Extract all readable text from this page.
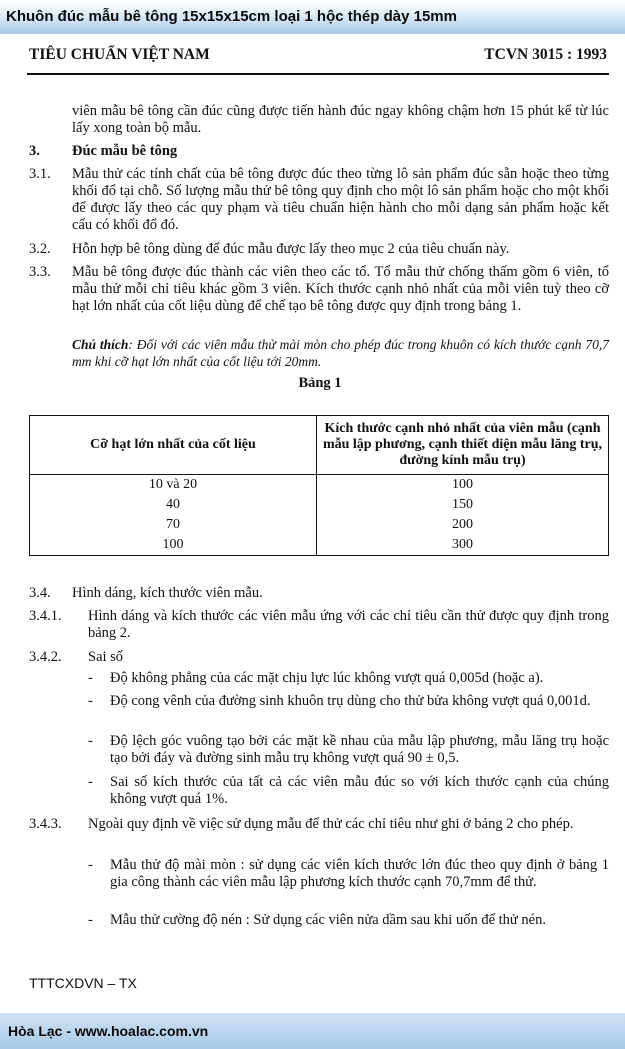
Khuôn đúc mẫu bê tông 15x15x15cm loại 1 hộc thép dày 15mm
TIÊU CHUẨN VIỆT NAM	TCVN 3015 : 1993

viên mẫu bê tông cần đúc cũng được tiến hành đúc ngay không chậm hơn 15 phút kể từ lúc lấy xong toàn bộ mẫu.

3. Đúc mẫu bê tông
3.1. Mẫu thử các tính chất của bê tông được đúc theo từng lô sản phẩm đúc sẵn hoặc theo từng khối đổ tại chỗ. Số lượng mẫu thử bê tông quy định cho một lô sản phẩm hoặc cho một khối để được lấy theo các quy phạm và tiêu chuẩn hiện hành cho mỗi dạng sản phẩm hoặc kết cấu có khối đổ đó.

3.2. Hỗn hợp bê tông dùng để đúc mẫu được lấy theo mục 2 của tiêu chuẩn này.

3.3. Mẫu bê tông được đúc thành các viên theo các tổ. Tổ mẫu thử chống thấm gồm 6 viên, tổ mẫu thử mỗi chỉ tiêu khác gồm 3 viên. Kích thước cạnh nhỏ nhất của mỗi viên tuỳ theo cỡ hạt lớn nhất của cốt liệu dùng để chế tạo bê tông được quy định trong bảng 1.

Chú thích: Đối với các viên mẫu thử mài mòn cho phép đúc trong khuôn có kích thước cạnh 70,7 mm khi cỡ hạt lớn nhất của cốt liệu tới 20mm.

Bảng 1
Cỡ hạt lớn nhất của cốt liệu	Kích thước cạnh nhỏ nhất của viên mẫu (cạnh mẫu lập phương, cạnh thiết diện mẫu lăng trụ, đường kính mẫu trụ)
10 và 20	100
40	150
70	200
100	300
3.4. Hình dáng, kích thước viên mẫu.
3.4.1. Hình dáng và kích thước các viên mẫu ứng với các chỉ tiêu cần thử được quy định trong bảng 2.

3.4.2. Sai số
- Độ không phẳng của các mặt chịu lực lúc không vượt quá 0,005d (hoặc a).

- Độ cong vênh của đường sinh khuôn trụ dùng cho thử bửa không vượt quá 0,001d.

- Độ lệch góc vuông tạo bởi các mặt kề nhau của mẫu lập phương, mẫu lăng trụ hoặc tạo bởi đáy và đường sinh mẫu trụ không vượt quá 90 ± 0,5.

- Sai số kích thước của tất cả các viên mẫu đúc so với kích thước cạnh của chúng không vượt quá 1%.

3.4.3. Ngoài quy định về việc sử dụng mẫu để thử các chỉ tiêu như ghi ở bảng 2 cho phép.

- Mẫu thử độ mài mòn : sử dụng các viên kích thước lớn đúc theo quy định ở bảng 1 gia công thành các viên mẫu lập phương kích thước cạnh 70,7mm để thử.

- Mẫu thử cường độ nén : Sử dụng các viên nửa dầm sau khi uốn để thử nén.

TTTCXDVN – TX
Hòa Lạc - www.hoalac.com.vn
